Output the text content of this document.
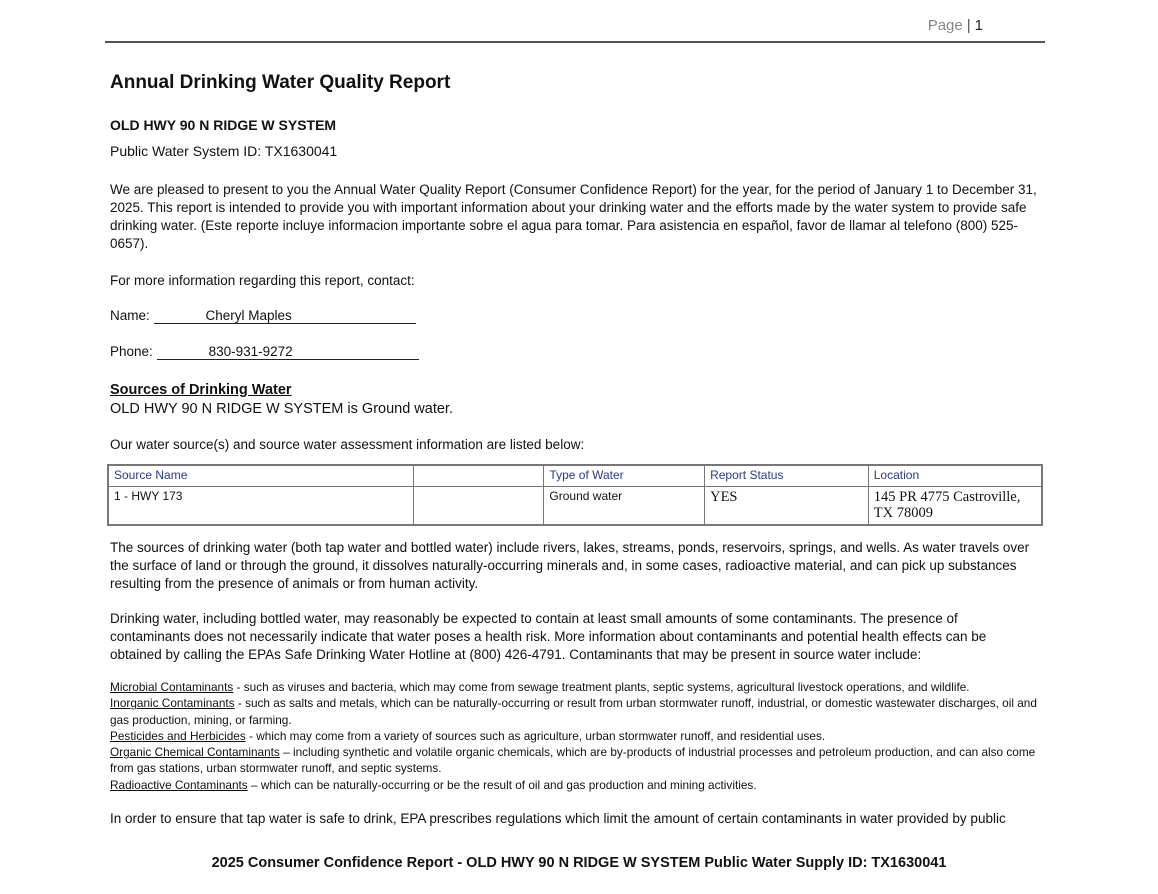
Page | 1
Annual Drinking Water Quality Report
OLD HWY 90 N RIDGE W SYSTEM
Public Water System ID: TX1630041
We are pleased to present to you the Annual Water Quality Report (Consumer Confidence Report) for the year, for the period of January 1 to December 31, 2025. This report is intended to provide you with important information about your drinking water and the efforts made by the water system to provide safe drinking water. (Este reporte incluye informacion importante sobre el agua para tomar. Para asistencia en español, favor de llamar al telefono (800) 525-0657).
For more information regarding this report, contact:
Name:	Cheryl Maples
Phone:	830-931-9272
Sources of Drinking Water
OLD HWY 90 N RIDGE W SYSTEM is Ground water.
Our water source(s) and source water assessment information are listed below:
Source Name		Type of Water	Report Status	Location
1 - HWY 173		Ground water	YES	145 PR 4775 Castroville, TX 78009
The sources of drinking water (both tap water and bottled water) include rivers, lakes, streams, ponds, reservoirs, springs, and wells. As water travels over the surface of land or through the ground, it dissolves naturally-occurring minerals and, in some cases, radioactive material, and can pick up substances resulting from the presence of animals or from human activity.
Drinking water, including bottled water, may reasonably be expected to contain at least small amounts of some contaminants. The presence of contaminants does not necessarily indicate that water poses a health risk. More information about contaminants and potential health effects can be obtained by calling the EPAs Safe Drinking Water Hotline at (800) 426-4791. Contaminants that may be present in source water include:

Microbial Contaminants - such as viruses and bacteria, which may come from sewage treatment plants, septic systems, agricultural livestock operations, and wildlife.

Inorganic Contaminants - such as salts and metals, which can be naturally-occurring or result from urban stormwater runoff, industrial, or domestic wastewater discharges, oil and gas production, mining, or farming.

Pesticides and Herbicides - which may come from a variety of sources such as agriculture, urban stormwater runoff, and residential uses.

Organic Chemical Contaminants – including synthetic and volatile organic chemicals, which are by-products of industrial processes and petroleum production, and can also come from gas stations, urban stormwater runoff, and septic systems.

Radioactive Contaminants – which can be naturally-occurring or be the result of oil and gas production and mining activities.

In order to ensure that tap water is safe to drink, EPA prescribes regulations which limit the amount of certain contaminants in water provided by public
2025 Consumer Confidence Report - OLD HWY 90 N RIDGE W SYSTEM Public Water Supply ID: TX1630041
